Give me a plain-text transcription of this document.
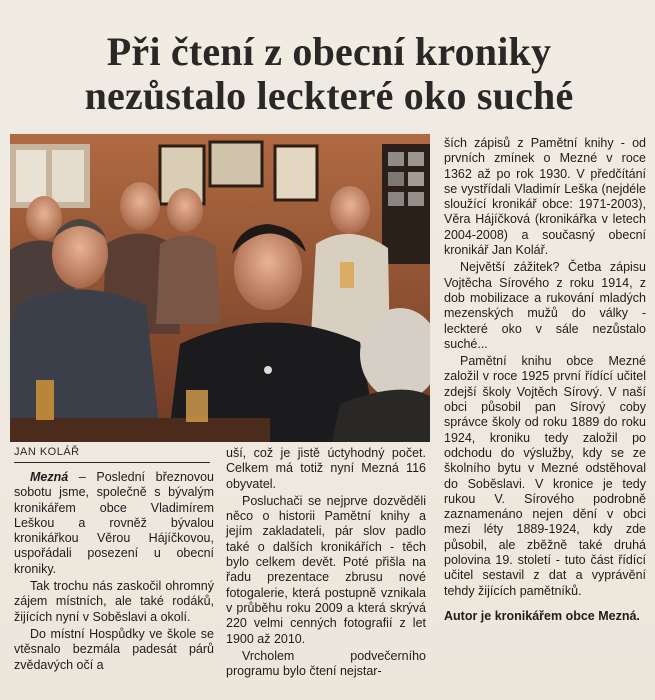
Při čtení z obecní kroniky
nezůstalo leckteré oko suché
JAN KOLÁŘ

Mezná – Poslední březnovou sobotu jsme, společně s bývalým kronikářem obce Vladimírem Leškou a rovněž bývalou kronikářkou Věrou Hájíčkovou, uspořádali posezení u obecní kroniky.

Tak trochu nás zaskočil ohromný zájem místních, ale také rodáků, žijících nyní v Soběslavi a okolí.

Do místní Hospůdky ve škole se vtěsnalo bezmála padesát párů zvědavých očí a

uší, což je jistě úctyhodný počet. Celkem má totiž nyní Mezná 116 obyvatel.

Posluchači se nejprve dozvěděli něco o historii Pamětní knihy a jejím zakladateli, pár slov padlo také o dalších kronikářích - těch bylo celkem devět. Poté přišla na řadu prezentace zbrusu nové fotogalerie, která postupně vznikala v průběhu roku 2009 a která skrývá 220 velmi cenných fotografií z let 1900 až 2010.

Vrcholem podvečerního programu bylo čtení nejstar-

ších zápisů z Pamětní knihy - od prvních zmínek o Mezné v roce 1362 až po rok 1930. V předčítání se vystřídali Vladimír Leška (nejdéle sloužící kronikář obce: 1971-2003), Věra Hájíčková (kronikářka v letech 2004-2008) a současný obecní kronikář Jan Kolář.

Největší zážitek? Četba zápisu Vojtěcha Sírového z roku 1914, z dob mobilizace a rukování mladých mezenských mužů do války - leckteré oko v sále nezůstalo suché...

Pamětní knihu obce Mezné založil v roce 1925 první řídící učitel zdejší školy Vojtěch Sírový. V naší obci působil pan Sírový coby správce školy od roku 1889 do roku 1924, kroniku tedy založil po odchodu do výslužby, kdy se ze školního bytu v Mezné odstěhoval do Soběslavi. V kronice je tedy rukou V. Sírového podrobně zaznamenáno nejen dění v obci mezi léty 1889-1924, kdy zde působil, ale zběžně také druhá polovina 19. století - tuto část řídící učitel sestavil z dat a vyprávění tehdy žijících pamětníků.

Autor je kronikářem obce Mezná.
